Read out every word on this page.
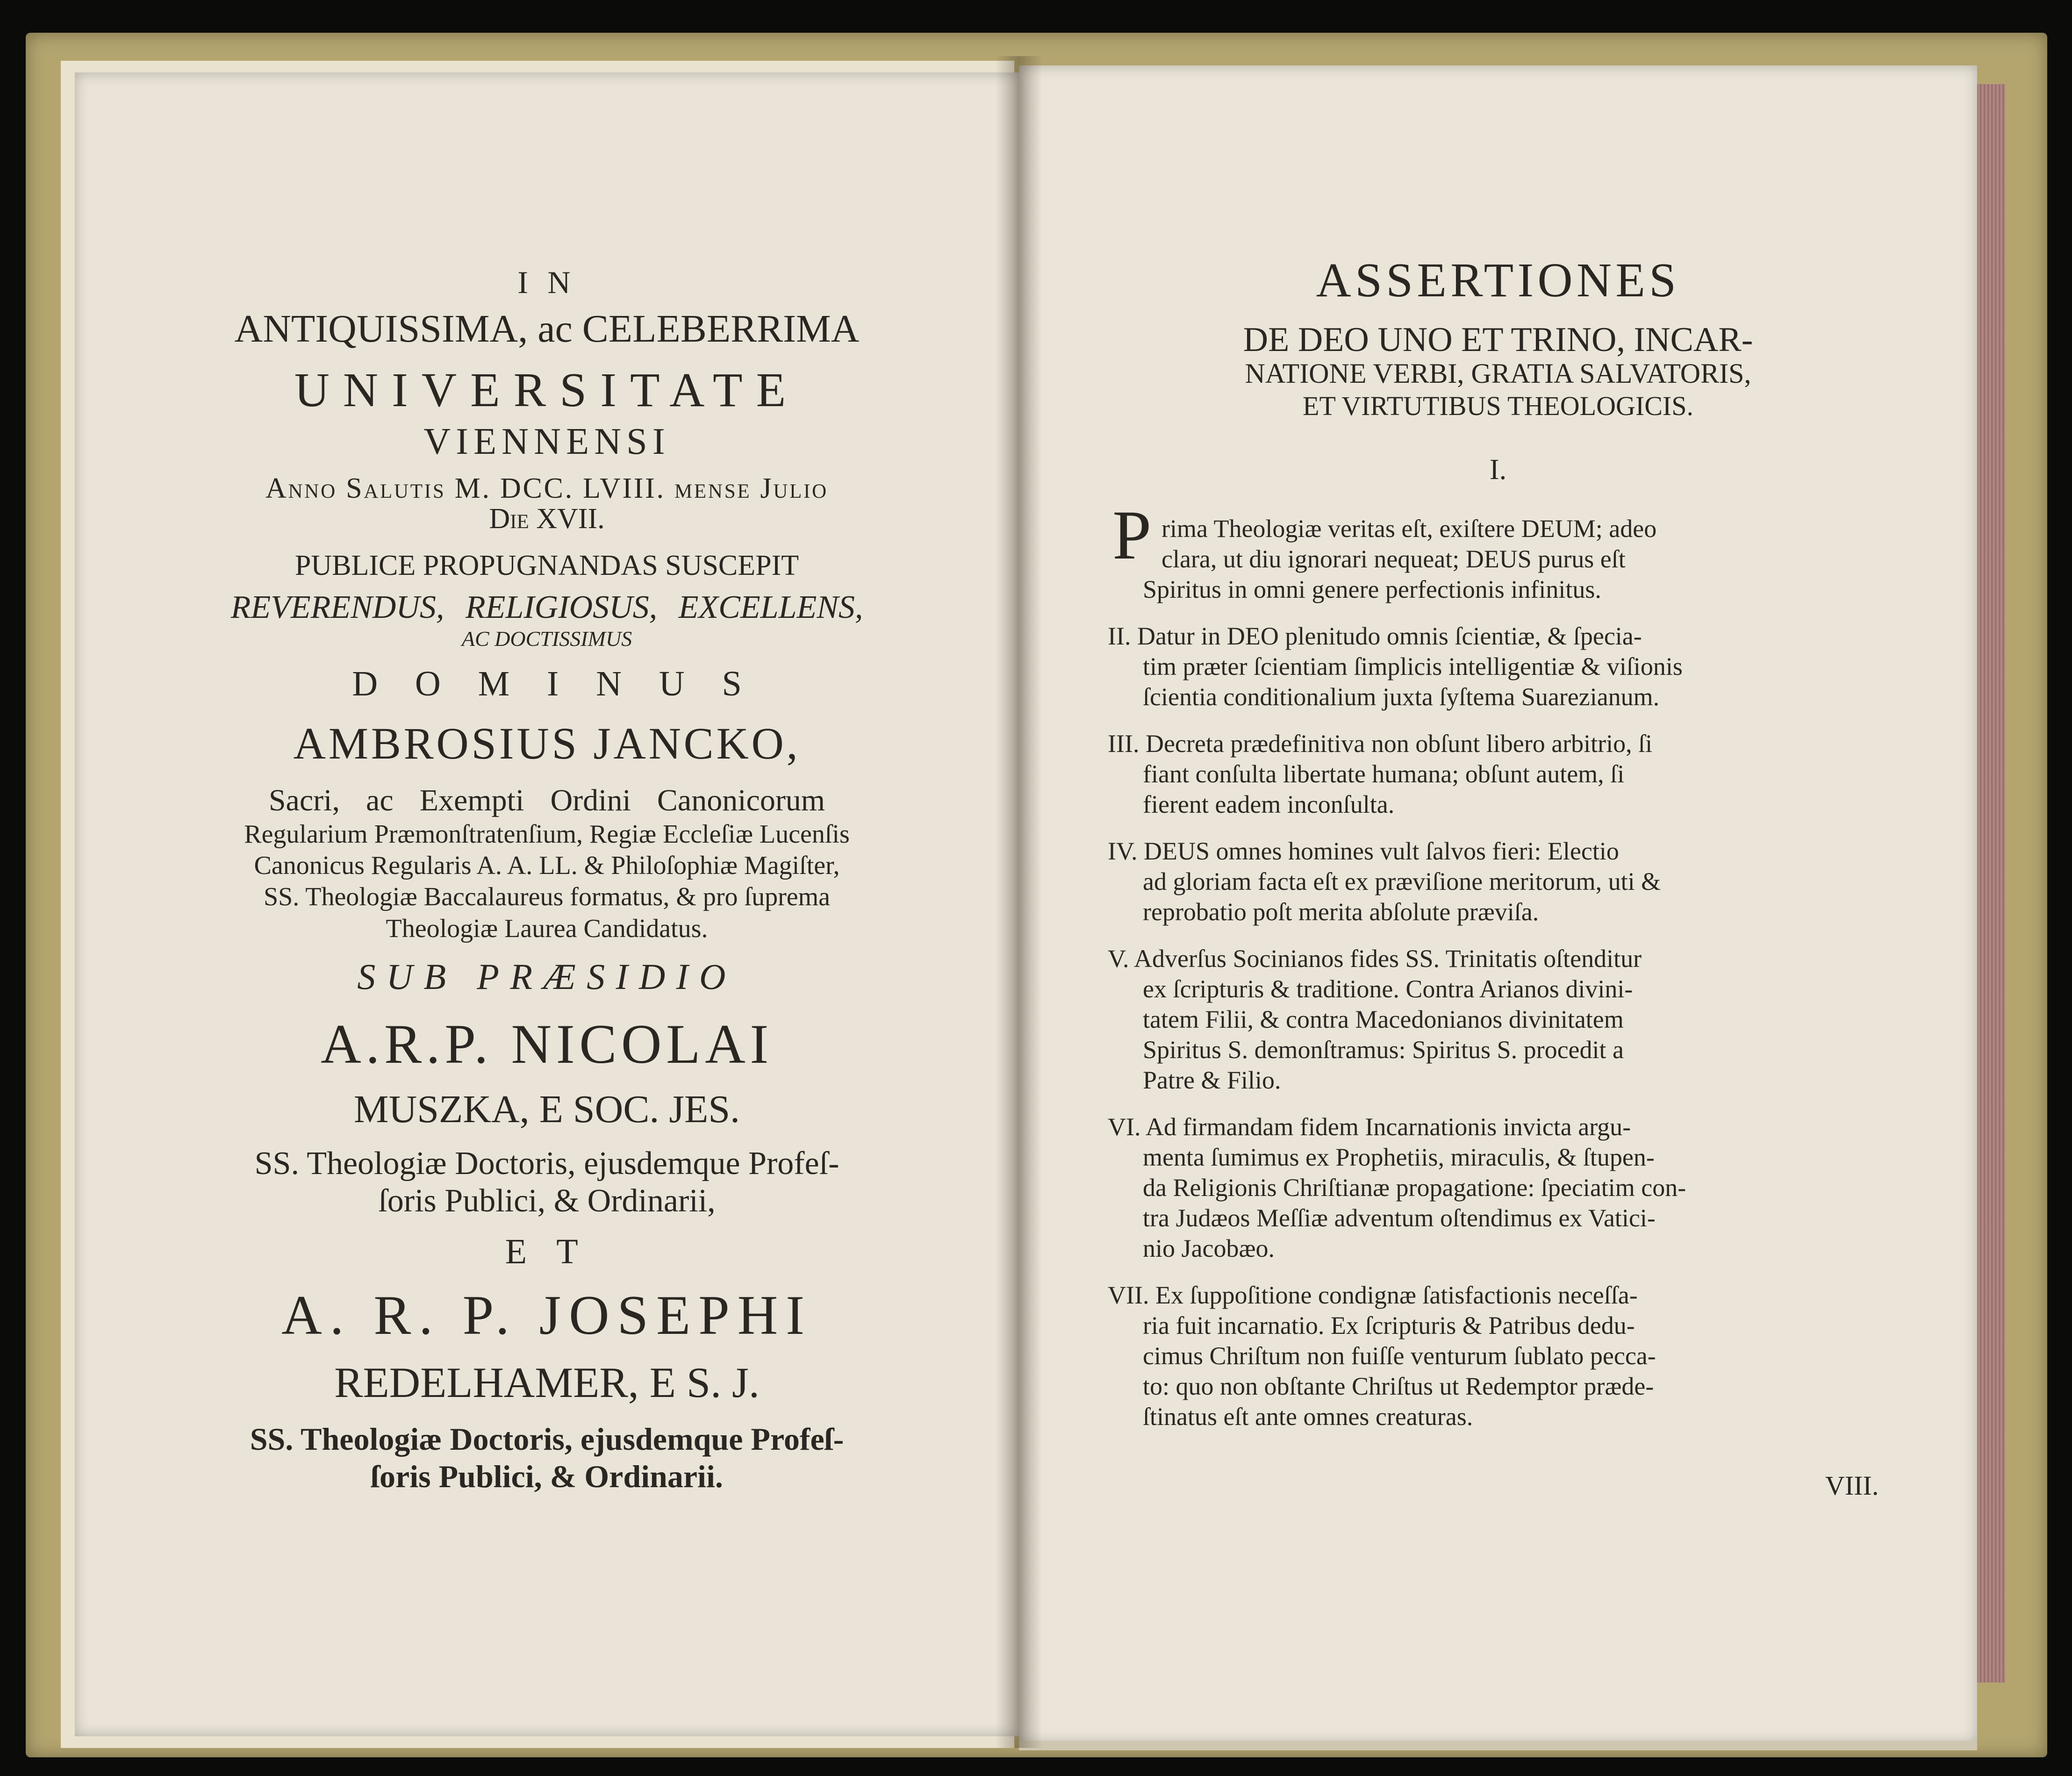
I N

ANTIQUISSIMA, ac CELEBERRIMA

UNIVERSITATE

VIENNENSI

Anno Salutis M. DCC. LVIII. mense Julio

Die XVII.

PUBLICE PROPUGNANDAS SUSCEPIT

REVERENDUS, RELIGIOSUS, EXCELLENS,

AC DOCTISSIMUS

DOMINUS

AMBROSIUS JANCKO,

Sacri, ac Exempti Ordini Canonicorum

Regularium Præmonſtratenſium, Regiæ Eccleſiæ Lucenſis

Canonicus Regularis A. A. LL. & Philoſophiæ Magiſter,

SS. Theologiæ Baccalaureus formatus, & pro ſuprema

Theologiæ Laurea Candidatus.

SUB PRÆSIDIO

A.R.P. NICOLAI

MUSZKA, E SOC. JES.

SS. Theologiæ Doctoris, ejusdemque Profeſ-

ſoris Publici, & Ordinarii,

E T

A. R. P. JOSEPHI

REDELHAMER, E S. J.

SS. Theologiæ Doctoris, ejusdemque Profeſ-

ſoris Publici, & Ordinarii.

ASSERTIONES

DE DEO UNO ET TRINO, INCAR-

NATIONE VERBI, GRATIA SALVATORIS,

ET VIRTUTIBUS THEOLOGICIS.

I.

P rima Theologiæ veritas eſt, exiſtere DEUM; adeo

clara, ut diu ignorari nequeat; DEUS purus eſt

Spiritus in omni genere perfectionis infinitus.

II. Datur in DEO plenitudo omnis ſcientiæ, & ſpecia-

tim præter ſcientiam ſimplicis intelligentiæ & viſionis

ſcientia conditionalium juxta ſyſtema Suarezianum.

III. Decreta prædefinitiva non obſunt libero arbitrio, ſi

fiant conſulta libertate humana; obſunt autem, ſi

fierent eadem inconſulta.

IV. DEUS omnes homines vult ſalvos fieri: Electio

ad gloriam facta eſt ex præviſione meritorum, uti &

reprobatio poſt merita abſolute præviſa.

V. Adverſus Socinianos fides SS. Trinitatis oſtenditur

ex ſcripturis & traditione. Contra Arianos divini-

tatem Filii, & contra Macedonianos divinitatem

Spiritus S. demonſtramus: Spiritus S. procedit a

Patre & Filio.

VI. Ad firmandam fidem Incarnationis invicta argu-

menta ſumimus ex Prophetiis, miraculis, & ſtupen-

da Religionis Chriſtianæ propagatione: ſpeciatim con-

tra Judæos Meſſiæ adventum oſtendimus ex Vatici-

nio Jacobæo.

VII. Ex ſuppoſitione condignæ ſatisfactionis neceſſa-

ria fuit incarnatio. Ex ſcripturis & Patribus dedu-

cimus Chriſtum non fuiſſe venturum ſublato pecca-

to: quo non obſtante Chriſtus ut Redemptor præde-

ſtinatus eſt ante omnes creaturas.

VIII.
